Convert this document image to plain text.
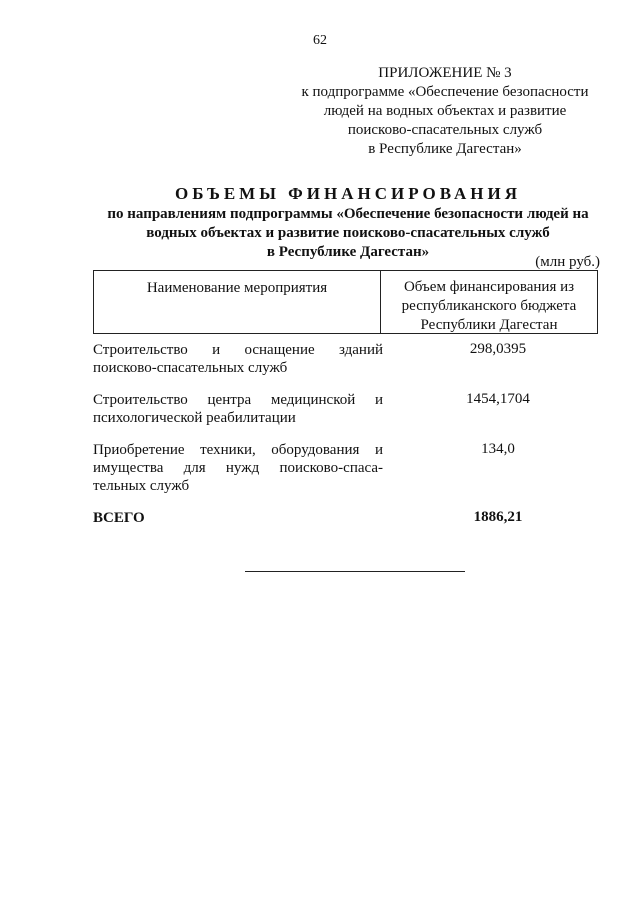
62
ПРИЛОЖЕНИЕ № 3
к подпрограмме «Обеспечение безопасности
людей на водных объектах и развитие
поисково-спасательных служб
в Республике Дагестан»
ОБЪЕМЫ ФИНАНСИРОВАНИЯ
по направлениям подпрограммы «Обеспечение безопасности людей на
водных объектах и развитие поисково-спасательных служб
в Республике Дагестан»
(млн руб.)
Наименование мероприятия	Объем финансирования из республиканского бюджета Республики Дагестан
Строительство и оснащение зданий поисково-спасательных служб
298,0395
Строительство центра медицинской и психологической реабилитации
1454,1704
Приобретение техники, оборудования и имущества для нужд поисково-спаса-тельных служб
134,0
ВСЕГО	1886,21
